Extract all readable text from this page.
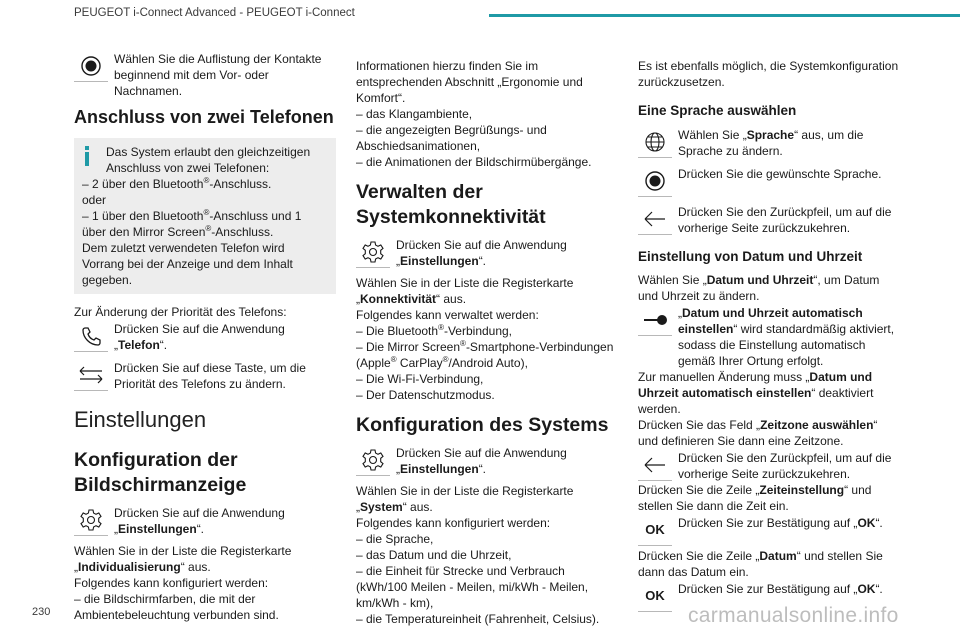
PEUGEOT i-Connect Advanced - PEUGEOT i-Connect
Wählen Sie die Auflistung der Kontakte beginnend mit dem Vor- oder Nachnamen.
Anschluss von zwei Telefonen

Das System erlaubt den gleichzeitigen Anschluss von zwei Telefonen:

– 2 über den Bluetooth®-Anschluss.

oder

– 1 über den Bluetooth®-Anschluss und 1 über den Mirror Screen®-Anschluss.

Dem zuletzt verwendeten Telefon wird Vorrang bei der Anzeige und dem Inhalt gegeben.

Zur Änderung der Priorität des Telefons:

Drücken Sie auf die Anwendung „Telefon“.
Drücken Sie auf diese Taste, um die Priorität des Telefons zu ändern.
Einstellungen
Konfiguration der Bildschirmanzeige
Drücken Sie auf die Anwendung „Einstellungen“.

Wählen Sie in der Liste die Registerkarte „Individualisierung“ aus.

Folgendes kann konfiguriert werden:

– die Bildschirmfarben, die mit der Ambientebeleuchtung verbunden sind.

Informationen hierzu finden Sie im entsprechenden Abschnitt „Ergonomie und Komfort“.

– das Klangambiente,

– die angezeigten Begrüßungs- und Abschiedsanimationen,

– die Animationen der Bildschirmübergänge.

Verwalten der Systemkonnektivität
Drücken Sie auf die Anwendung „Einstellungen“.

Wählen Sie in der Liste die Registerkarte „Konnektivität“ aus.

Folgendes kann verwaltet werden:

– Die Bluetooth®-Verbindung,

– Die Mirror Screen®-Smartphone-Verbindungen (Apple® CarPlay®/Android Auto),

– Die Wi-Fi-Verbindung,

– Der Datenschutzmodus.

Konfiguration des Systems
Drücken Sie auf die Anwendung „Einstellungen“.

Wählen Sie in der Liste die Registerkarte „System“ aus.

Folgendes kann konfiguriert werden:

– die Sprache,

– das Datum und die Uhrzeit,

– die Einheit für Strecke und Verbrauch (kWh/100 Meilen - Meilen, mi/kWh - Meilen, km/kWh - km),

– die Temperatureinheit (Fahrenheit, Celsius).

Es ist ebenfalls möglich, die Systemkonfiguration zurückzusetzen.

Eine Sprache auswählen
Wählen Sie „Sprache“ aus, um die Sprache zu ändern.
Drücken Sie die gewünschte Sprache.
Drücken Sie den Zurückpfeil, um auf die vorherige Seite zurückzukehren.
Einstellung von Datum und Uhrzeit

Wählen Sie „Datum und Uhrzeit“, um Datum und Uhrzeit zu ändern.

„Datum und Uhrzeit automatisch einstellen“ wird standardmäßig aktiviert, sodass die Einstellung automatisch gemäß Ihrer Ortung erfolgt.

Zur manuellen Änderung muss „Datum und Uhrzeit automatisch einstellen“ deaktiviert werden.

Drücken Sie das Feld „Zeitzone auswählen“ und definieren Sie dann eine Zeitzone.

Drücken Sie den Zurückpfeil, um auf die vorherige Seite zurückzukehren.

Drücken Sie die Zeile „Zeiteinstellung“ und stellen Sie dann die Zeit ein.

OK Drücken Sie zur Bestätigung auf „OK“.

Drücken Sie die Zeile „Datum“ und stellen Sie dann das Datum ein.

OK Drücken Sie zur Bestätigung auf „OK“.
230	carmanualsonline.info
